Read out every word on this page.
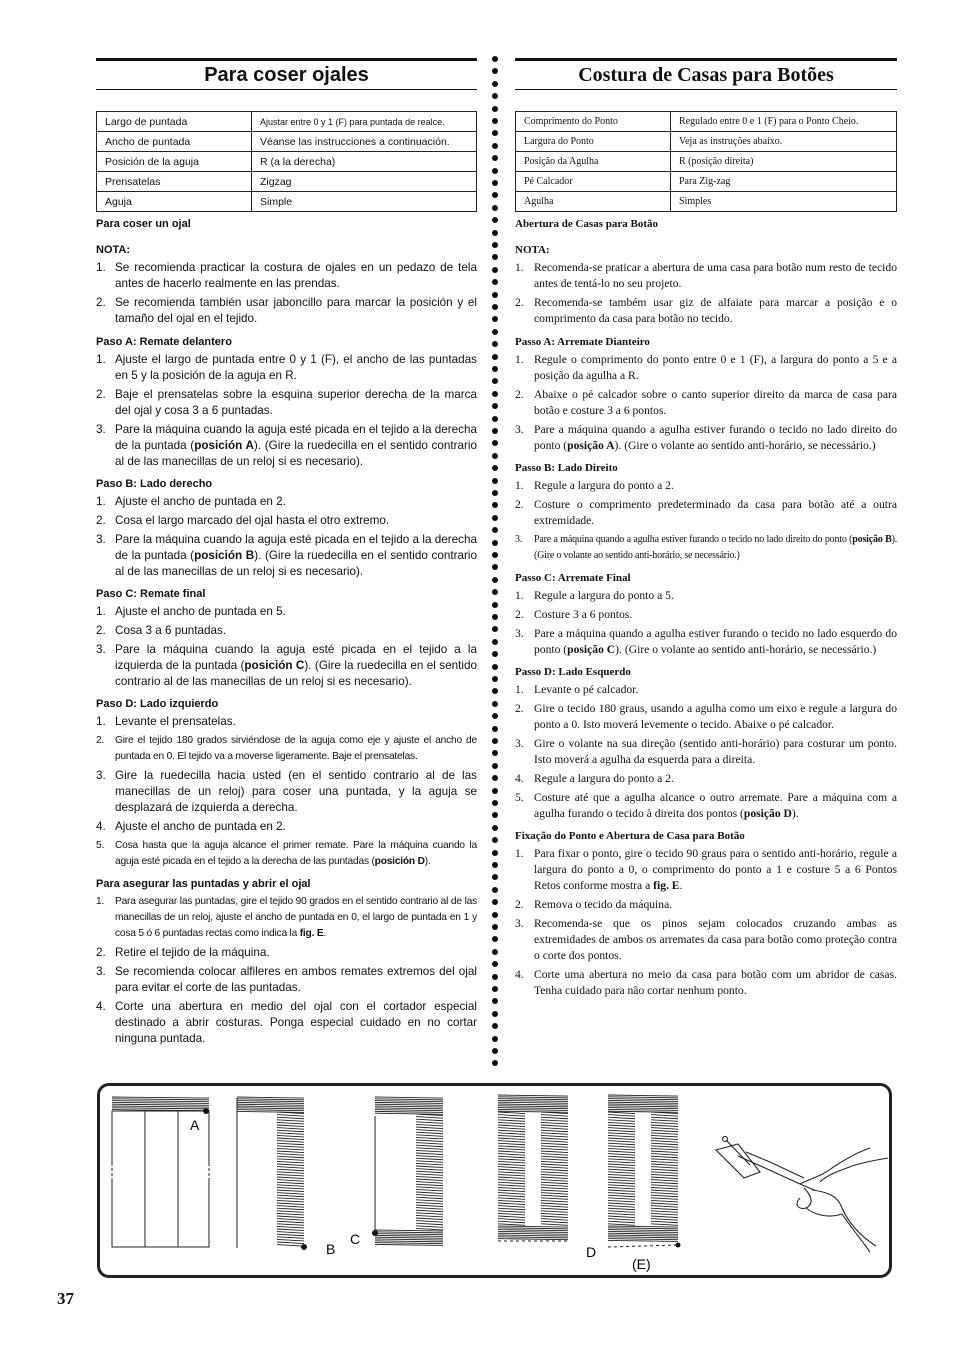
Para coser ojales
Largo de puntada	Ajustar entre 0 y 1 (F) para puntada de realce.
Ancho de puntada	Véanse las instrucciones a continuación.
Posición de la aguja	R (a la derecha)
Prensatelas	Zigzag
Aguja	Simple
Para coser un ojal
NOTA:
1. Se recomienda practicar la costura de ojales en un pedazo de tela antes de hacerlo realmente en las prendas.
2. Se recomienda también usar jaboncillo para marcar la posición y el tamaño del ojal en el tejido.
Paso A: Remate delantero
1. Ajuste el largo de puntada entre 0 y 1 (F), el ancho de las puntadas en 5 y la posición de la aguja en R.
2. Baje el prensatelas sobre la esquina superior derecha de la marca del ojal y cosa 3 a 6 puntadas.
3. Pare la máquina cuando la aguja esté picada en el tejido a la derecha de la puntada (posición A). (Gire la ruedecilla en el sentido contrario al de las manecillas de un reloj si es necesario).
Paso B: Lado derecho
1. Ajuste el ancho de puntada en 2.
2. Cosa el largo marcado del ojal hasta el otro extremo.
3. Pare la máquina cuando la aguja esté picada en el tejido a la derecha de la puntada (posición B). (Gire la ruedecilla en el sentido contrario al de las manecillas de un reloj si es necesario).
Paso C: Remate final
1. Ajuste el ancho de puntada en 5.
2. Cosa 3 a 6 puntadas.
3. Pare la máquina cuando la aguja esté picada en el tejido a la izquierda de la puntada (posición C). (Gire la ruedecilla en el sentido contrario al de las manecillas de un reloj si es necesario).
Paso D: Lado izquierdo
1. Levante el prensatelas.
2. Gire el tejido 180 grados sirviéndose de la aguja como eje y ajuste el ancho de puntada en 0. El tejido va a moverse ligeramente. Baje el prensatelas.
3. Gire la ruedecilla hacia usted (en el sentido contrario al de las manecillas de un reloj) para coser una puntada, y la aguja se desplazará de izquierda a derecha.
4. Ajuste el ancho de puntada en 2.
5. Cosa hasta que la aguja alcance el primer remate. Pare la máquina cuando la aguja esté picada en el tejido a la derecha de las puntadas (posición D).
Para asegurar las puntadas y abrir el ojal
1. Para asegurar las puntadas, gire el tejido 90 grados en el sentido contrario al de las manecillas de un reloj, ajuste el ancho de puntada en 0, el largo de puntada en 1 y cosa 5 ó 6 puntadas rectas como indica la fig. E.
2. Retire el tejido de la máquina.
3. Se recomienda colocar alfileres en ambos remates extremos del ojal para evitar el corte de las puntadas.
4. Corte una abertura en medio del ojal con el cortador especial destinado a abrir costuras. Ponga especial cuidado en no cortar ninguna puntada.
Costura de Casas para Botões
Comprimento do Ponto	Regulado entre 0 e 1 (F) para o Ponto Cheio.
Largura do Ponto	Veja as instruções abaixo.
Posição da Agulha	R (posição direita)
Pé Calcador	Para Zig-zag
Agulha	Simples
Abertura de Casas para Botão
NOTA:
1. Recomenda-se praticar a abertura de uma casa para botão num resto de tecido antes de tentá-lo no seu projeto.
2. Recomenda-se também usar giz de alfaiate para marcar a posição e o comprimento da casa para botão no tecido.
Passo A: Arremate Dianteiro
1. Regule o comprimento do ponto entre 0 e 1 (F), a largura do ponto a 5 e a posição da agulha a R.
2. Abaixe o pé calcador sobre o canto superior direito da marca de casa para botão e costure 3 a 6 pontos.
3. Pare a máquina quando a agulha estiver furando o tecido no lado direito do ponto (posição A). (Gire o volante ao sentido anti-horário, se necessário.)
Passo B: Lado Direito
1. Regule a largura do ponto a 2.
2. Costure o comprimento predeterminado da casa para botão até a outra extremidade.
3. Pare a máquina quando a agulha estiver furando o tecido no lado direito do ponto (posição B). (Gire o volante ao sentido anti-horário, se necessário.)
Passo C: Arremate Final
1. Regule a largura do ponto a 5.
2. Costure 3 a 6 pontos.
3. Pare a máquina quando a agulha estiver furando o tecido no lado esquerdo do ponto (posição C). (Gire o volante ao sentido anti-horário, se necessário.)
Passo D: Lado Esquerdo
1. Levante o pé calcador.
2. Gire o tecido 180 graus, usando a agulha como um eixo e regule a largura do ponto a 0. Isto moverá levemente o tecido. Abaixe o pé calcador.
3. Gire o volante na sua direção (sentido anti-horário) para costurar um ponto. Isto moverá a agulha da esquerda para a direita.
4. Regule a largura do ponto a 2.
5. Costure até que a agulha alcance o outro arremate. Pare a máquina com a agulha furando o tecido à direita dos pontos (posição D).
Fixação do Ponto e Abertura de Casa para Botão
1. Para fixar o ponto, gire o tecido 90 graus para o sentido anti-horário, regule a largura do ponto a 0, o comprimento do ponto a 1 e costure 5 a 6 Pontos Retos conforme mostra a fig. E.
2. Remova o tecido da máquina.
3. Recomenda-se que os pinos sejam colocados cruzando ambas as extremidades de ambos os arremates da casa para botão como proteção contra o corte dos pontos.
4. Corte uma abertura no meio da casa para botão com um abridor de casas. Tenha cuidado para não cortar nenhum ponto.
A
B
C
D
(E)
37
